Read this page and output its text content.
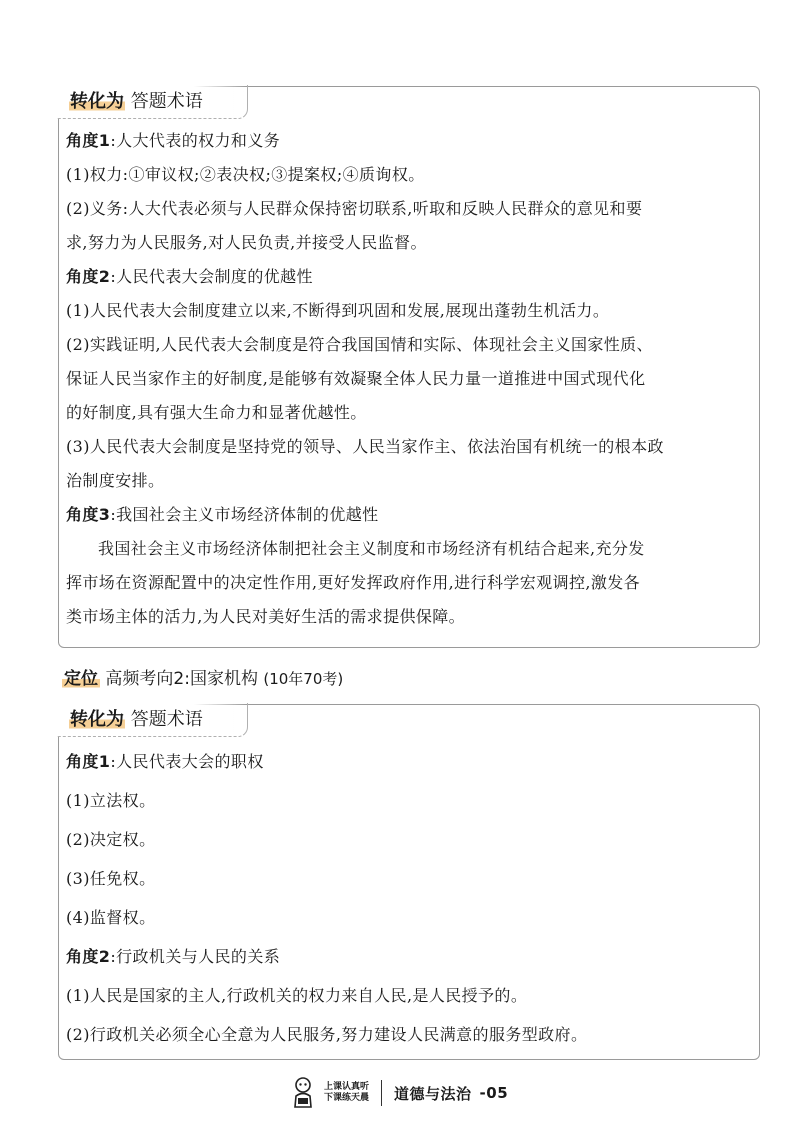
转化为 答题术语
角度1:人大代表的权力和义务
(1)权力:①审议权;②表决权;③提案权;④质询权。
(2)义务:人大代表必须与人民群众保持密切联系,听取和反映人民群众的意见和要
求,努力为人民服务,对人民负责,并接受人民监督。
角度2:人民代表大会制度的优越性
(1)人民代表大会制度建立以来,不断得到巩固和发展,展现出蓬勃生机活力。
(2)实践证明,人民代表大会制度是符合我国国情和实际、体现社会主义国家性质、
保证人民当家作主的好制度,是能够有效凝聚全体人民力量一道推进中国式现代化
的好制度,具有强大生命力和显著优越性。
(3)人民代表大会制度是坚持党的领导、人民当家作主、依法治国有机统一的根本政
治制度安排。
角度3:我国社会主义市场经济体制的优越性
我国社会主义市场经济体制把社会主义制度和市场经济有机结合起来,充分发
挥市场在资源配置中的决定性作用,更好发挥政府作用,进行科学宏观调控,激发各
类市场主体的活力,为人民对美好生活的需求提供保障。
定位 高频考向2:国家机构 (10年70考)
转化为 答题术语
角度1:人民代表大会的职权
(1)立法权。
(2)决定权。
(3)任免权。
(4)监督权。
角度2:行政机关与人民的关系
(1)人民是国家的主人,行政机关的权力来自人民,是人民授予的。
(2)行政机关必须全心全意为人民服务,努力建设人民满意的服务型政府。
上课认真听
下课练天晨 道德与法治 -05
